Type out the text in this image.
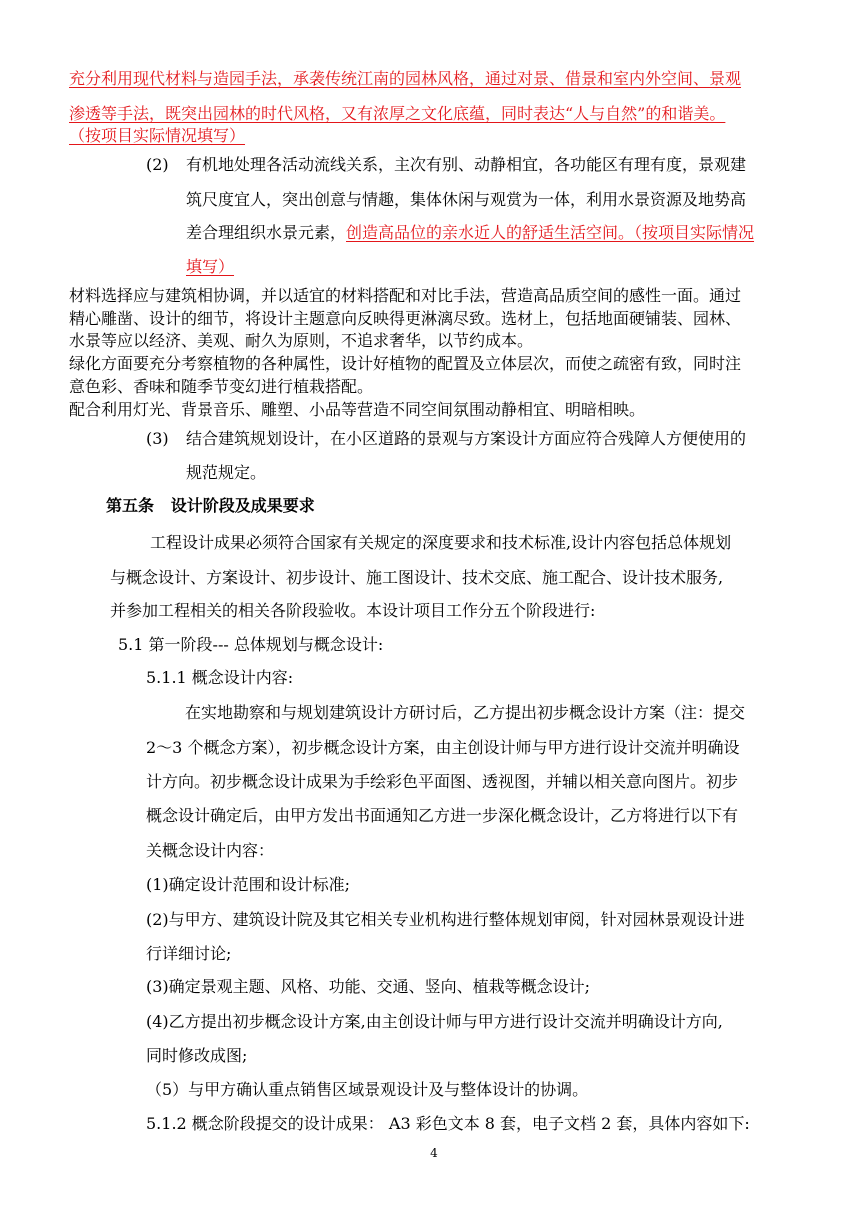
充分利用现代材料与造园手法，承袭传统江南的园林风格，通过对景、借景和室内外空间、景观
渗透等手法，既突出园林的时代风格，又有浓厚之文化底蕴，同时表达“人与自然”的和谐美。
（按项目实际情况填写）
(2) 有机地处理各活动流线关系，主次有别、动静相宜，各功能区有理有度，景观建
筑尺度宜人，突出创意与情趣，集体休闲与观赏为一体，利用水景资源及地势高
差合理组织水景元素，创造高品位的亲水近人的舒适生活空间。（按项目实际情况
填写）
材料选择应与建筑相协调，并以适宜的材料搭配和对比手法，营造高品质空间的感性一面。通过
精心雕凿、设计的细节，将设计主题意向反映得更淋漓尽致。选材上，包括地面硬铺装、园林、
水景等应以经济、美观、耐久为原则，不追求奢华，以节约成本。
绿化方面要充分考察植物的各种属性，设计好植物的配置及立体层次，而使之疏密有致，同时注
意色彩、香味和随季节变幻进行植栽搭配。
配合利用灯光、背景音乐、雕塑、小品等营造不同空间氛围动静相宜、明暗相映。
(3) 结合建筑规划设计，在小区道路的景观与方案设计方面应符合残障人方便使用的
规范规定。
第五条   设计阶段及成果要求
工程设计成果必须符合国家有关规定的深度要求和技术标准,设计内容包括总体规划
与概念设计、方案设计、初步设计、施工图设计、技术交底、施工配合、设计技术服务,
并参加工程相关的相关各阶段验收。本设计项目工作分五个阶段进行:
5.1 第一阶段--- 总体规划与概念设计:
5.1.1 概念设计内容:
在实地勘察和与规划建筑设计方研讨后，乙方提出初步概念设计方案（注：提交
2～3 个概念方案），初步概念设计方案，由主创设计师与甲方进行设计交流并明确设
计方向。初步概念设计成果为手绘彩色平面图、透视图，并辅以相关意向图片。初步
概念设计确定后，由甲方发出书面通知乙方进一步深化概念设计，乙方将进行以下有
关概念设计内容：
(1)确定设计范围和设计标准;
(2)与甲方、建筑设计院及其它相关专业机构进行整体规划审阅，针对园林景观设计进
行详细讨论;
(3)确定景观主题、风格、功能、交通、竖向、植栽等概念设计;
(4)乙方提出初步概念设计方案,由主创设计师与甲方进行设计交流并明确设计方向,
同时修改成图;
（5）与甲方确认重点销售区域景观设计及与整体设计的协调。
5.1.2 概念阶段提交的设计成果： A3 彩色文本 8 套，电子文档 2 套，具体内容如下:
4
